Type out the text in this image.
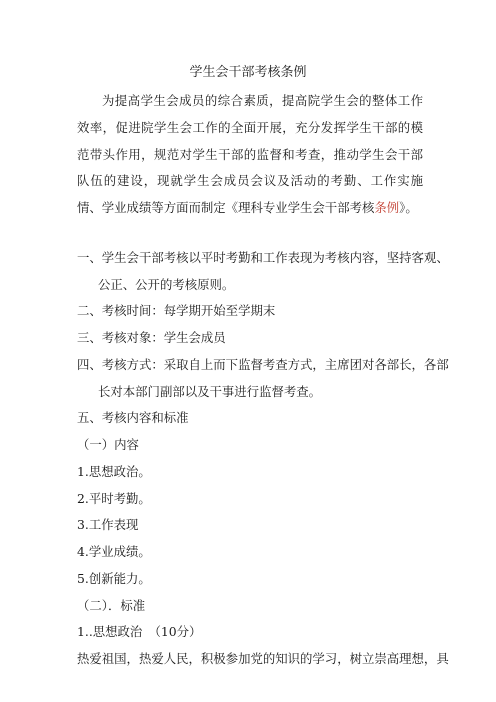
学生会干部考核条例

为提高学生会成员的综合素质，提高院学生会的整体工作效率，促进院学生会工作的全面开展，充分发挥学生干部的模范带头作用，规范对学生干部的监督和考查，推动学生会干部队伍的建设，现就学生会成员会议及活动的考勤、工作实施情、学业成绩等方面而制定《理科专业学生会干部考核条例》。

一、学生会干部考核以平时考勤和工作表现为考核内容，坚持客观、
公正、公开的考核原则。
二、考核时间：每学期开始至学期末
三、考核对象：学生会成员
四、考核方式：采取自上而下监督考查方式，主席团对各部长，各部
长对本部门副部以及干事进行监督考查。
五、考核内容和标准
（一）内容
1.思想政治。
2.平时考勤。
3.工作表现
4.学业成绩。
5.创新能力。
（二）．标准
1..思想政治　（10分）
热爱祖国，热爱人民，积极参加党的知识的学习，树立崇高理想，具
